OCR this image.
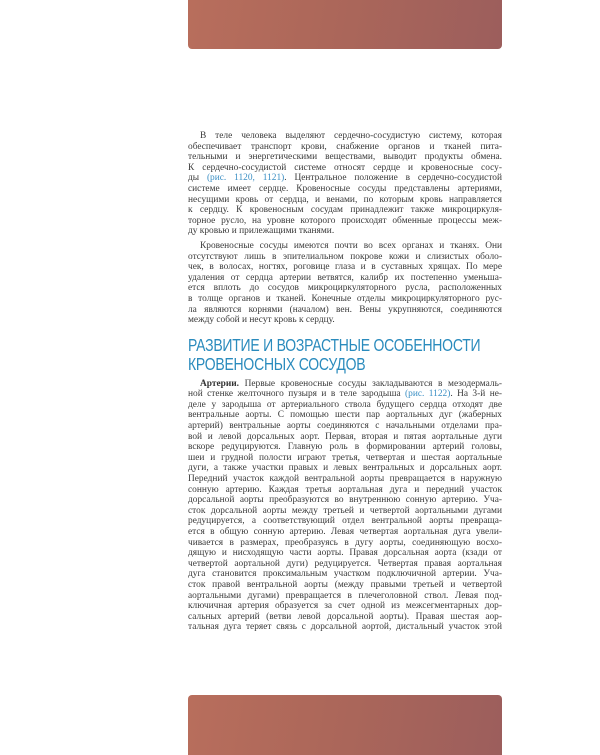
В теле человека выделяют сердечно-сосудистую систему, которая
обеспечивает транспорт крови, снабжение органов и тканей пита-
тельными и энергетическими веществами, выводит продукты обмена.
К сердечно-сосудистой системе относят сердце и кровеносные сосу-
ды (рис. 1120, 1121). Центральное положение в сердечно-сосудистой
системе имеет сердце. Кровеносные сосуды представлены артериями,
несущими кровь от сердца, и венами, по которым кровь направляется
к сердцу. К кровеносным сосудам принадлежит также микроциркуля-
торное русло, на уровне которого происходят обменные процессы меж-
ду кровью и прилежащими тканями.
Кровеносные сосуды имеются почти во всех органах и тканях. Они
отсутствуют лишь в эпителиальном покрове кожи и слизистых оболо-
чек, в волосах, ногтях, роговице глаза и в суставных хрящах. По мере
удаления от сердца артерии ветвятся, калибр их постепенно уменьша-
ется вплоть до сосудов микроциркуляторного русла, расположенных
в толще органов и тканей. Конечные отделы микроциркуляторного рус-
ла являются корнями (началом) вен. Вены укрупняются, соединяются
между собой и несут кровь к сердцу.
РАЗВИТИЕ И ВОЗРАСТНЫЕ ОСОБЕННОСТИ
КРОВЕНОСНЫХ СОСУДОВ
Артерии. Первые кровеносные сосуды закладываются в мезодермаль-
ной стенке желточного пузыря и в теле зародыша (рис. 1122). На 3-й не-
деле у зародыша от артериального ствола будущего сердца отходят две
вентральные аорты. С помощью шести пар аортальных дуг (жаберных
артерий) вентральные аорты соединяются с начальными отделами пра-
вой и левой дорсальных аорт. Первая, вторая и пятая аортальные дуги
вскоре редуцируются. Главную роль в формировании артерий головы,
шеи и грудной полости играют третья, четвертая и шестая аортальные
дуги, а также участки правых и левых вентральных и дорсальных аорт.
Передний участок каждой вентральной аорты превращается в наружную
сонную артерию. Каждая третья аортальная дуга и передний участок
дорсальной аорты преобразуются во внутреннюю сонную артерию. Уча-
сток дорсальной аорты между третьей и четвертой аортальными дугами
редуцируется, а соответствующий отдел вентральной аорты превраща-
ется в общую сонную артерию. Левая четвертая аортальная дуга увели-
чивается в размерах, преобразуясь в дугу аорты, соединяющую восхо-
дящую и нисходящую части аорты. Правая дорсальная аорта (кзади от
четвертой аортальной дуги) редуцируется. Четвертая правая аортальная
дуга становится проксимальным участком подключичной артерии. Уча-
сток правой вентральной аорты (между правыми третьей и четвертой
аортальными дугами) превращается в плечеголовной ствол. Левая под-
ключичная артерия образуется за счет одной из межсегментарных дор-
сальных артерий (ветви левой дорсальной аорты). Правая шестая аор-
тальная дуга теряет связь с дорсальной аортой, дистальный участок этой
